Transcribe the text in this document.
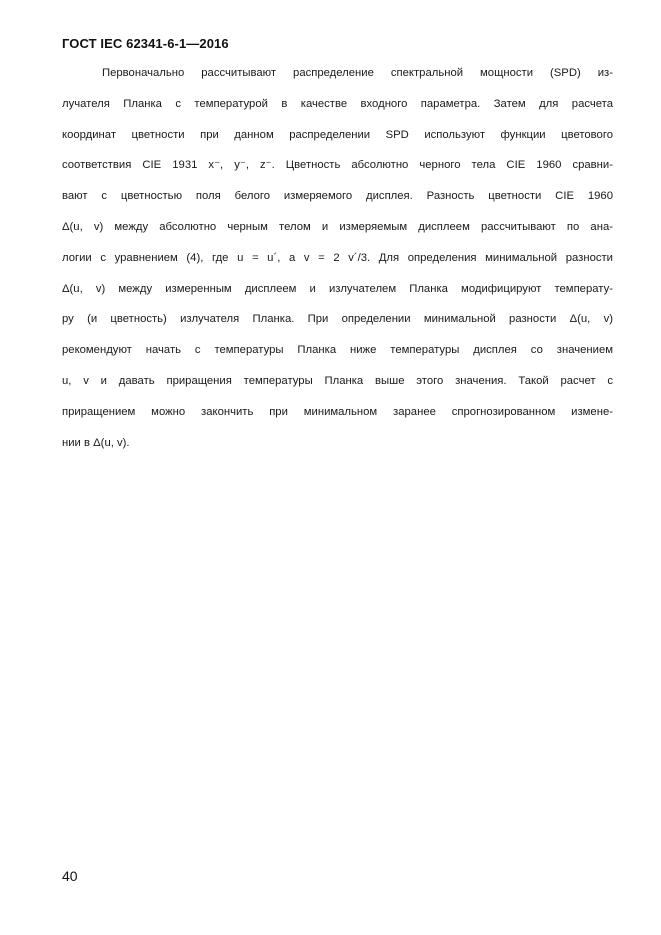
ГОСТ IEC 62341-6-1—2016
Первоначально рассчитывают распределение спектральной мощности (SPD) из-
лучателя Планка с температурой в качестве входного параметра. Затем для расчета
координат цветности при данном распределении SPD используют функции цветового
соответствия CIE 1931 x⁻, y⁻, z⁻. Цветность абсолютно черного тела CIE 1960 сравни-
вают с цветностью поля белого измеряемого дисплея. Разность цветности CIE 1960
Δ(u, v) между абсолютно черным телом и измеряемым дисплеем рассчитывают по ана-
логии с уравнением (4), где u = u´, а v = 2 v´/3. Для определения минимальной разности
Δ(u, v) между измеренным дисплеем и излучателем Планка модифицируют температу-
ру (и цветность) излучателя Планка. При определении минимальной разности Δ(u, v)
рекомендуют начать с температуры Планка ниже температуры дисплея со значением
u, v и давать приращения температуры Планка выше этого значения. Такой расчет с
приращением можно закончить при минимальном заранее спрогнозированном измене-
нии в Δ(u, v).
40
